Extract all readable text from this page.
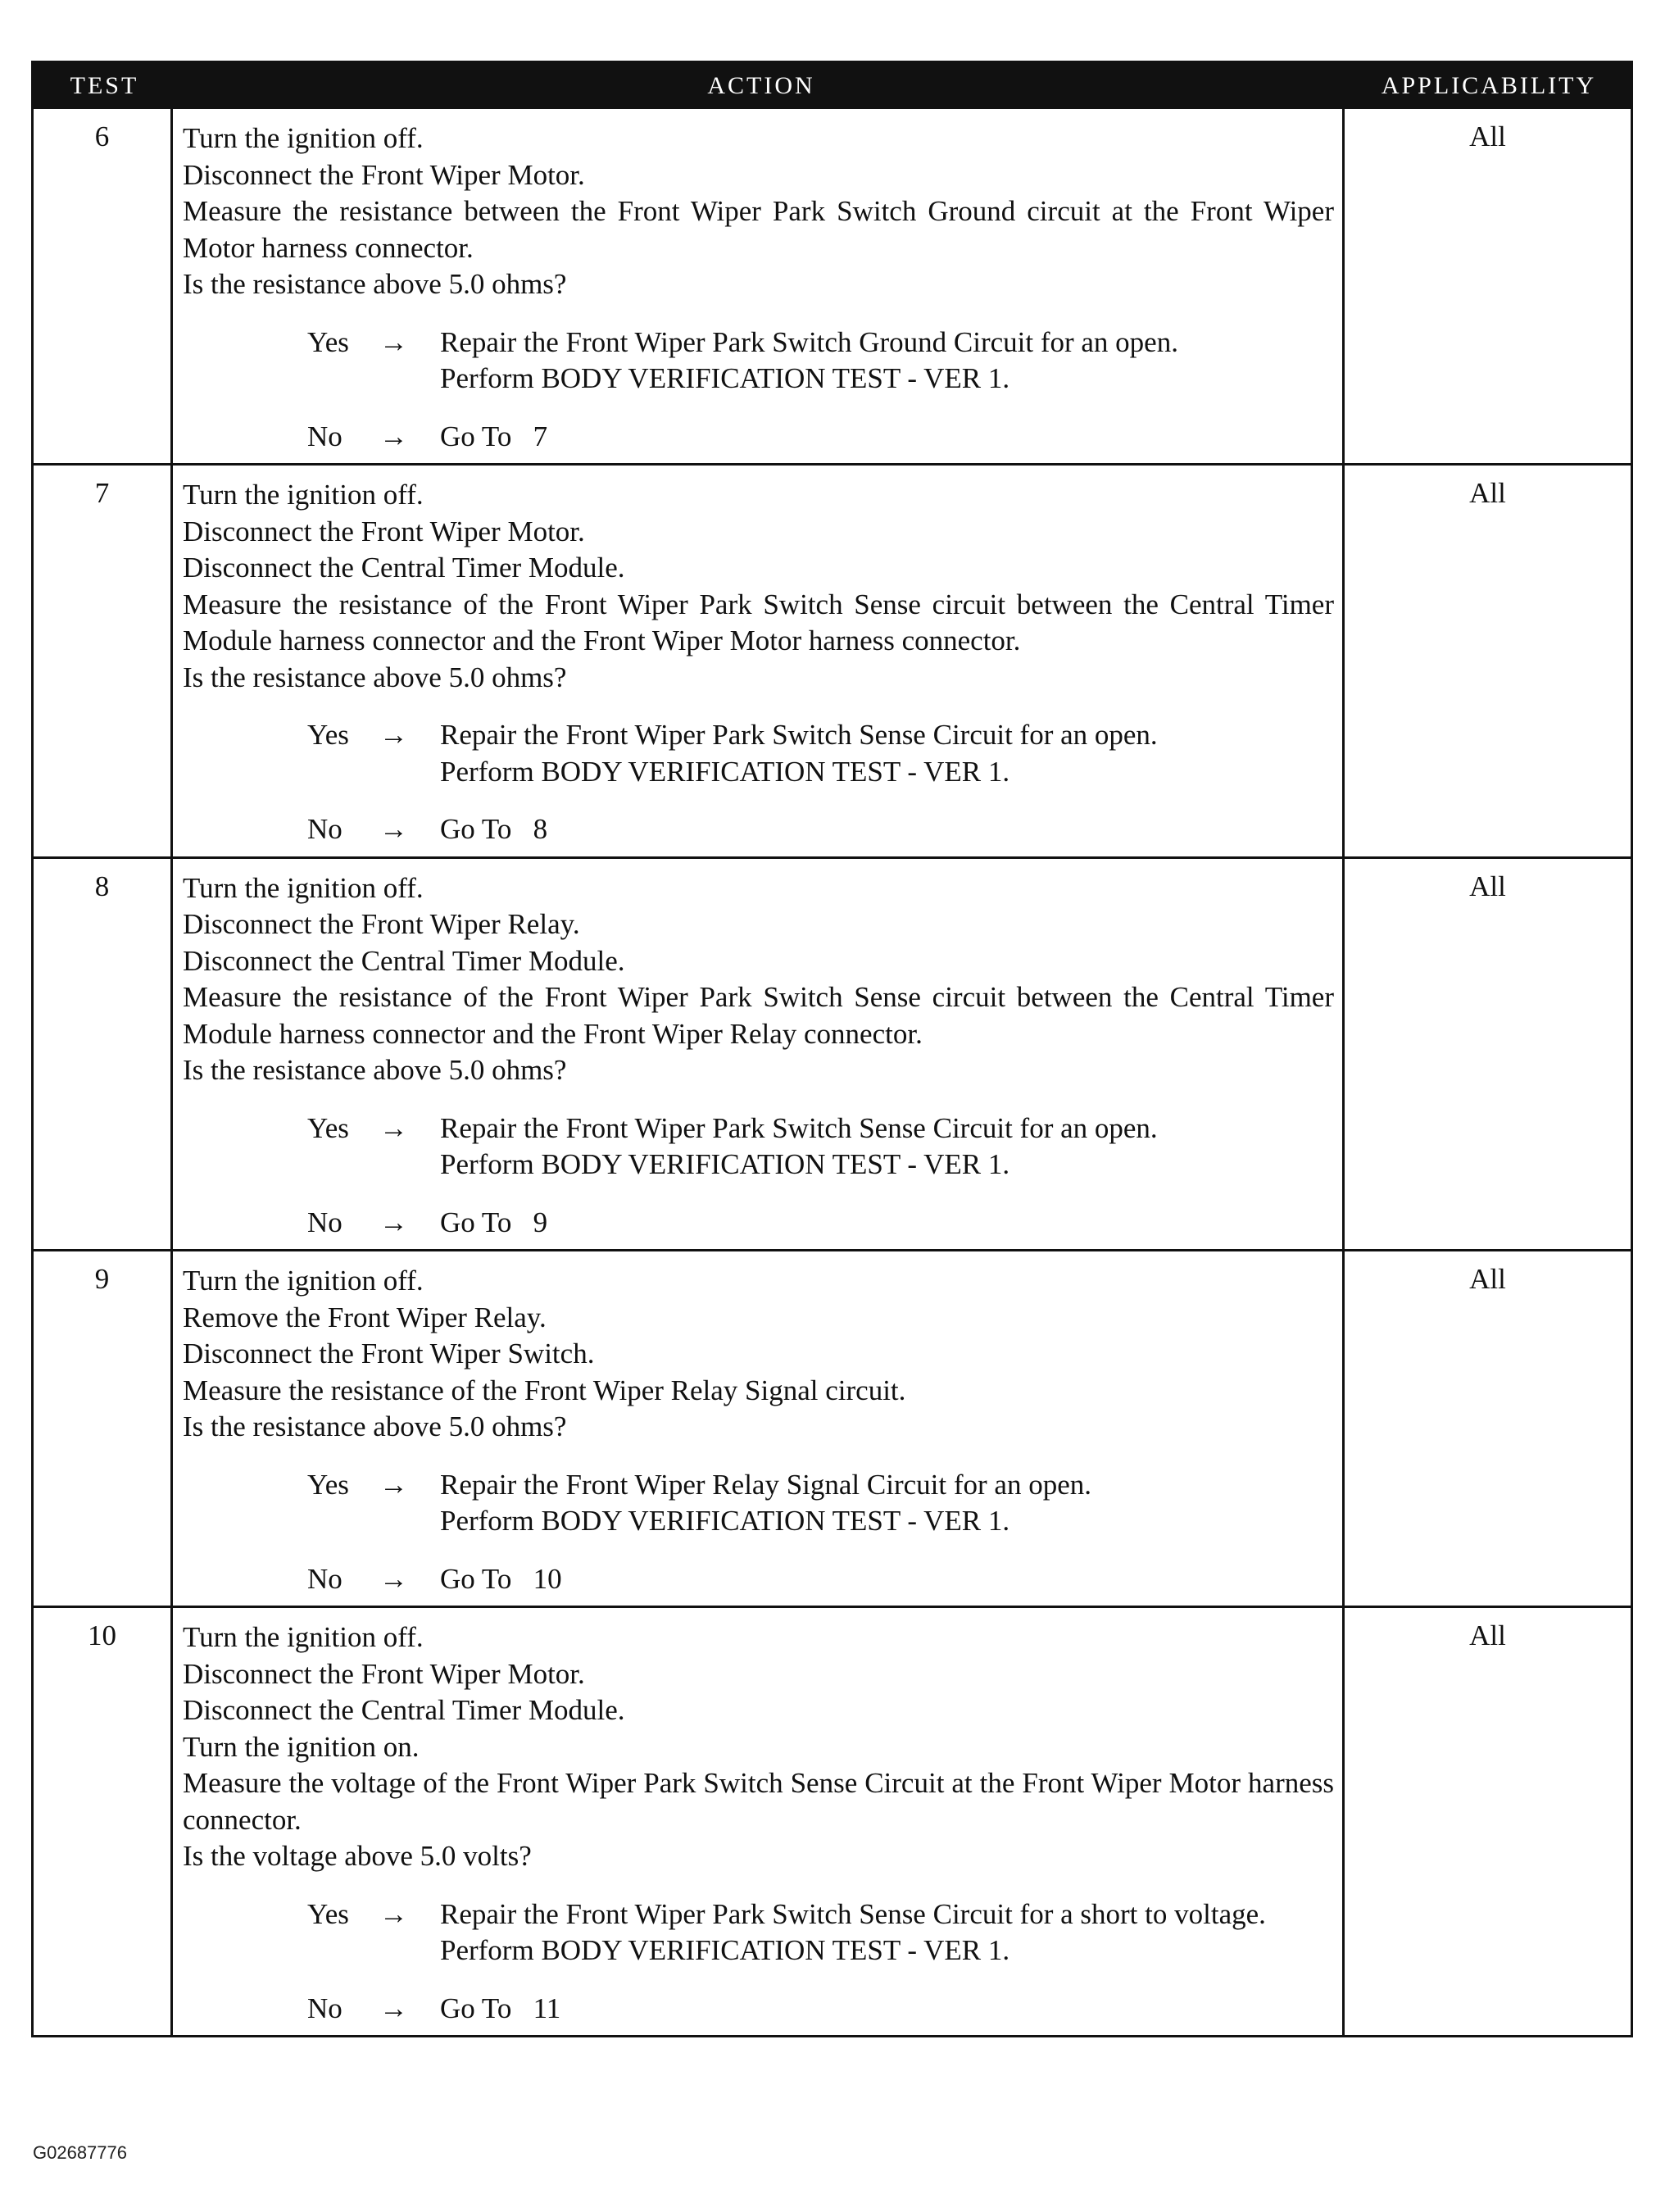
TEST	ACTION	APPLICABILITY
6	Turn the ignition off.

Disconnect the Front Wiper Motor.

Measure the resistance between the Front Wiper Park Switch Ground circuit at the Front Wiper Motor harness connector.

Is the resistance above 5.0 ohms?

Yes	→	Repair the Front Wiper Park Switch Ground Circuit for an open.

Perform BODY VERIFICATION TEST - VER 1.

No	→	Go To   7
All
7	Turn the ignition off.

Disconnect the Front Wiper Motor.

Disconnect the Central Timer Module.

Measure the resistance of the Front Wiper Park Switch Sense circuit between the Central Timer Module harness connector and the Front Wiper Motor harness connector.

Is the resistance above 5.0 ohms?

Yes	→	Repair the Front Wiper Park Switch Sense Circuit for an open.

Perform BODY VERIFICATION TEST - VER 1.

No	→	Go To   8
All
8	Turn the ignition off.

Disconnect the Front Wiper Relay.

Disconnect the Central Timer Module.

Measure the resistance of the Front Wiper Park Switch Sense circuit between the Central Timer Module harness connector and the Front Wiper Relay connector.

Is the resistance above 5.0 ohms?

Yes	→	Repair the Front Wiper Park Switch Sense Circuit for an open.

Perform BODY VERIFICATION TEST - VER 1.

No	→	Go To   9
All
9	Turn the ignition off.

Remove the Front Wiper Relay.

Disconnect the Front Wiper Switch.

Measure the resistance of the Front Wiper Relay Signal circuit.

Is the resistance above 5.0 ohms?

Yes	→	Repair the Front Wiper Relay Signal Circuit for an open.

Perform BODY VERIFICATION TEST - VER 1.

No	→	Go To   10
All
10	Turn the ignition off.

Disconnect the Front Wiper Motor.

Disconnect the Central Timer Module.

Turn the ignition on.

Measure the voltage of the Front Wiper Park Switch Sense Circuit at the Front Wiper Motor harness connector.

Is the voltage above 5.0 volts?

Yes	→	Repair the Front Wiper Park Switch Sense Circuit for a short to voltage.

Perform BODY VERIFICATION TEST - VER 1.

No	→	Go To   11
All
G02687776
